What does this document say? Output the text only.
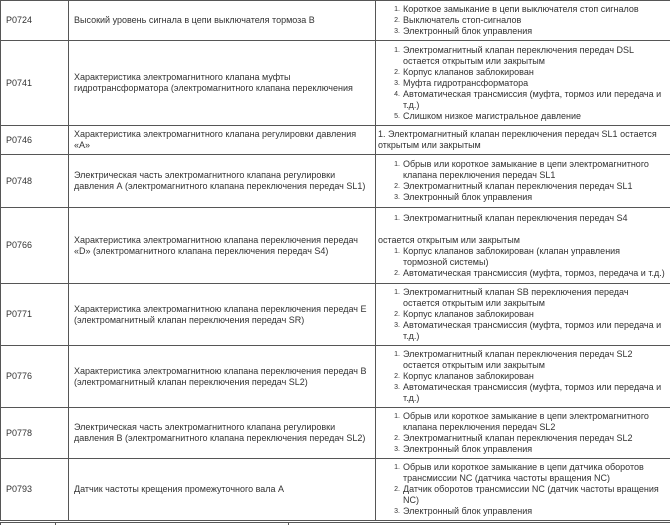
P0724	Высокий уровень сигнала в цепи выключателя тормоза В	
1. Короткое замыкание в цепи выключателя стоп сигналов
2. Выключатель стоп-сигналов
3. Электронный блок управления

P0741	Характеристика электромагнитного клапана муфты гидротрансформатора (электромагнитного клапана переключения	
1. Электромагнитный клапан переключения передач DSL остается открытым или закрытым
2. Корпус клапанов заблокирован
3. Муфта гидротрансформатора
4. Автоматическая трансмиссия (муфта, тормоз или передача и т.д.)
5. Слишком низкое магистральное давление

P0746	Характеристика электромагнитного клапана регулировки давления «А»	1. Электромагнитный клапан переключения передач SL1 остается открытым или закрытым

P0748	Электрическая часть электромагнитного клапана регулировки давления А (электромагнитного клапана переключения передач SL1)	
1. Обрыв или короткое замыкание в цепи электромагнитного клапана переключения передач SL1
2. Электромагнитный клапан переключения передач SL1
3. Электронный блок управления

P0766	Характеристика электромагнитною клапана переключения передач «D» (электромагнитного клапана переключения передач S4)	
1. Электромагнитный клапан переключения передач S4
остается открытым или закрытым
1. Корпус клапанов заблокирован (клапан управления тормозной системы)
2. Автоматическая трансмиссия (муфта, тормоз, передача и т.д.)

P0771	Характеристика электромагнитною клапана переключения передач Е (электромагнитный клапан переключения передач SR)	
1. Электромагнитный клапан SB переключения передач остается открытым или закрытым
2. Корпус клапанов заблокирован
3. Автоматическая трансмиссия (муфта, тормоз или передача и т.д.)

P0776	Характеристика электромагнитною клапана переключения передач В (электромагнитный клапан переключения передач SL2)	
1. Электромагнитный клапан переключения передач SL2 остается открытым или закрытым
2. Корпус клапанов заблокирован
3. Автоматическая трансмиссия (муфта, тормоз или передача и т.д.)

P0778	Электрическая часть электромагнитного клапана регулировки давления В (электромагнитного клапана переключения передач SL2)	
1. Обрыв или короткое замыкание в цепи электромагнитного клапана переключения передач SL2
2. Электромагнитный клапан переключения передач SL2
3. Электронный блок управления

P0793	Датчик частоты крещения промежуточного вала А	
1. Обрыв или короткое замыкание в цепи датчика оборотов трансмиссии NC (датчика частоты вращения NC)
2. Датчик оборотов трансмиссии NC (датчик частоты вращения NC)
3. Электронный блок управления
